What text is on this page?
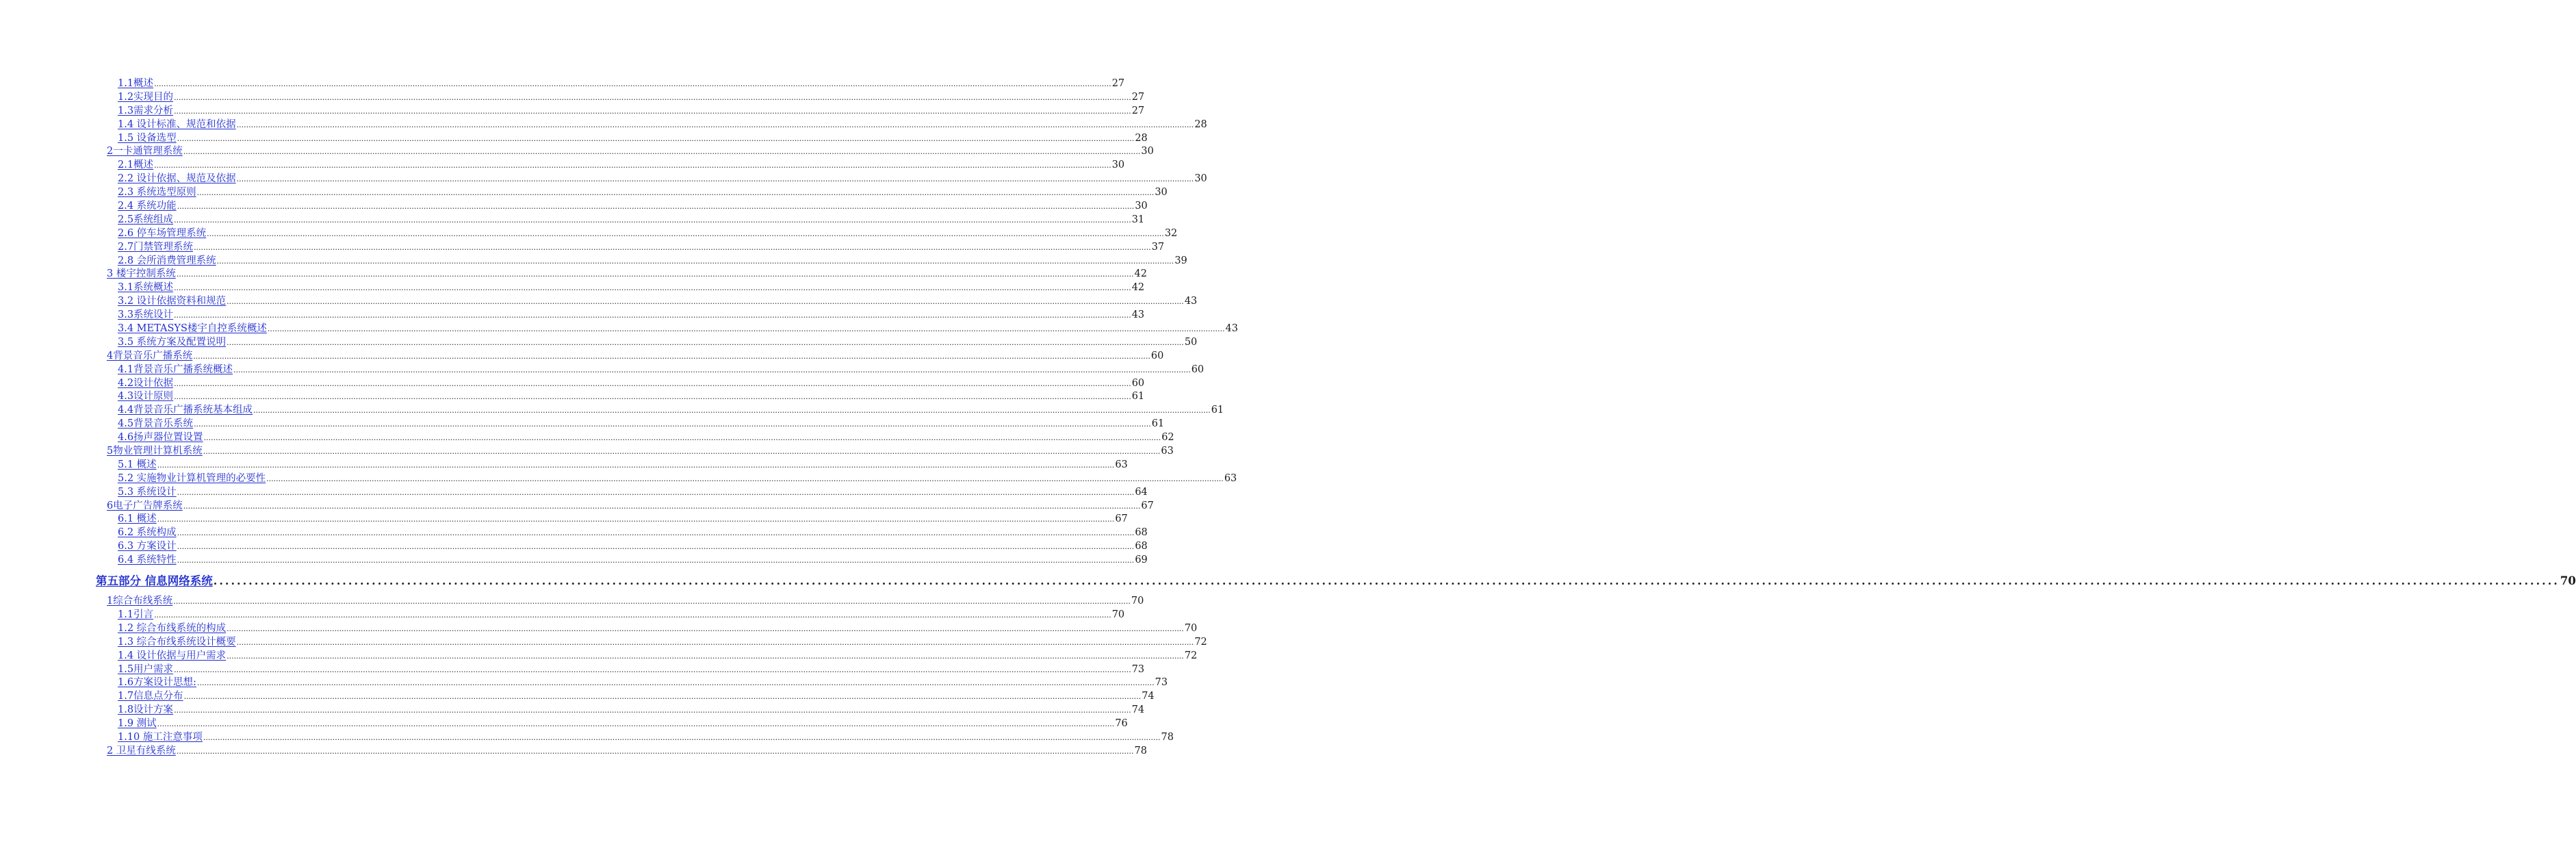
1.1概述 ................................................................................................................................................................................................................................................................................................................................................................................................................ 27
1.2实现目的 ................................................................................................................................................................................................................................................................................................................................................................................................................ 27
1.3需求分析 ................................................................................................................................................................................................................................................................................................................................................................................................................ 27
1.4 设计标准、规范和依据 ................................................................................................................................................................................................................................................................................................................................................................................................................ 28
1.5 设备选型 ................................................................................................................................................................................................................................................................................................................................................................................................................ 28
2一卡通管理系统 ................................................................................................................................................................................................................................................................................................................................................................................................................ 30
2.1概述 ................................................................................................................................................................................................................................................................................................................................................................................................................ 30
2.2 设计依据、规范及依据 ................................................................................................................................................................................................................................................................................................................................................................................................................ 30
2.3 系统选型原则 ................................................................................................................................................................................................................................................................................................................................................................................................................ 30
2.4 系统功能 ................................................................................................................................................................................................................................................................................................................................................................................................................ 30
2.5系统组成 ................................................................................................................................................................................................................................................................................................................................................................................................................ 31
2.6 停车场管理系统 ................................................................................................................................................................................................................................................................................................................................................................................................................ 32
2.7门禁管理系统 ................................................................................................................................................................................................................................................................................................................................................................................................................ 37
2.8 会所消费管理系统 ................................................................................................................................................................................................................................................................................................................................................................................................................ 39
3 楼宇控制系统 ................................................................................................................................................................................................................................................................................................................................................................................................................ 42
3.1系统概述 ................................................................................................................................................................................................................................................................................................................................................................................................................ 42
3.2 设计依据资料和规范 ................................................................................................................................................................................................................................................................................................................................................................................................................ 43
3.3系统设计 ................................................................................................................................................................................................................................................................................................................................................................................................................ 43
3.4 METASYS楼宇自控系统概述 ................................................................................................................................................................................................................................................................................................................................................................................................................ 43
3.5 系统方案及配置说明 ................................................................................................................................................................................................................................................................................................................................................................................................................ 50
4背景音乐广播系统 ................................................................................................................................................................................................................................................................................................................................................................................................................ 60
4.1背景音乐广播系统概述 ................................................................................................................................................................................................................................................................................................................................................................................................................ 60
4.2设计依据 ................................................................................................................................................................................................................................................................................................................................................................................................................ 60
4.3设计原则 ................................................................................................................................................................................................................................................................................................................................................................................................................ 61
4.4背景音乐广播系统基本组成 ................................................................................................................................................................................................................................................................................................................................................................................................................ 61
4.5背景音乐系统 ................................................................................................................................................................................................................................................................................................................................................................................................................ 61
4.6扬声器位置设置 ................................................................................................................................................................................................................................................................................................................................................................................................................ 62
5物业管理计算机系统 ................................................................................................................................................................................................................................................................................................................................................................................................................ 63
5.1 概述 ................................................................................................................................................................................................................................................................................................................................................................................................................ 63
5.2 实施物业计算机管理的必要性 ................................................................................................................................................................................................................................................................................................................................................................................................................ 63
5.3 系统设计 ................................................................................................................................................................................................................................................................................................................................................................................................................ 64
6电子广告牌系统 ................................................................................................................................................................................................................................................................................................................................................................................................................ 67
6.1 概述 ................................................................................................................................................................................................................................................................................................................................................................................................................ 67
6.2 系统构成 ................................................................................................................................................................................................................................................................................................................................................................................................................ 68
6.3 方案设计 ................................................................................................................................................................................................................................................................................................................................................................................................................ 68
6.4 系统特性 ................................................................................................................................................................................................................................................................................................................................................................................................................ 69
第五部分 信息网络系统 ................................................................................................................................................................................................................................................................................................................................................................................................................ 70
1综合布线系统 ................................................................................................................................................................................................................................................................................................................................................................................................................ 70
1.1引言 ................................................................................................................................................................................................................................................................................................................................................................................................................ 70
1.2 综合布线系统的构成 ................................................................................................................................................................................................................................................................................................................................................................................................................ 70
1.3 综合布线系统设计概要 ................................................................................................................................................................................................................................................................................................................................................................................................................ 72
1.4 设计依据与用户需求 ................................................................................................................................................................................................................................................................................................................................................................................................................ 72
1.5用户需求 ................................................................................................................................................................................................................................................................................................................................................................................................................ 73
1.6方案设计思想: ................................................................................................................................................................................................................................................................................................................................................................................................................ 73
1.7信息点分布 ................................................................................................................................................................................................................................................................................................................................................................................................................ 74
1.8设计方案 ................................................................................................................................................................................................................................................................................................................................................................................................................ 74
1.9 测试 ................................................................................................................................................................................................................................................................................................................................................................................................................ 76
1.10 施工注意事项 ................................................................................................................................................................................................................................................................................................................................................................................................................ 78
2 卫星有线系统 ................................................................................................................................................................................................................................................................................................................................................................................................................ 78
